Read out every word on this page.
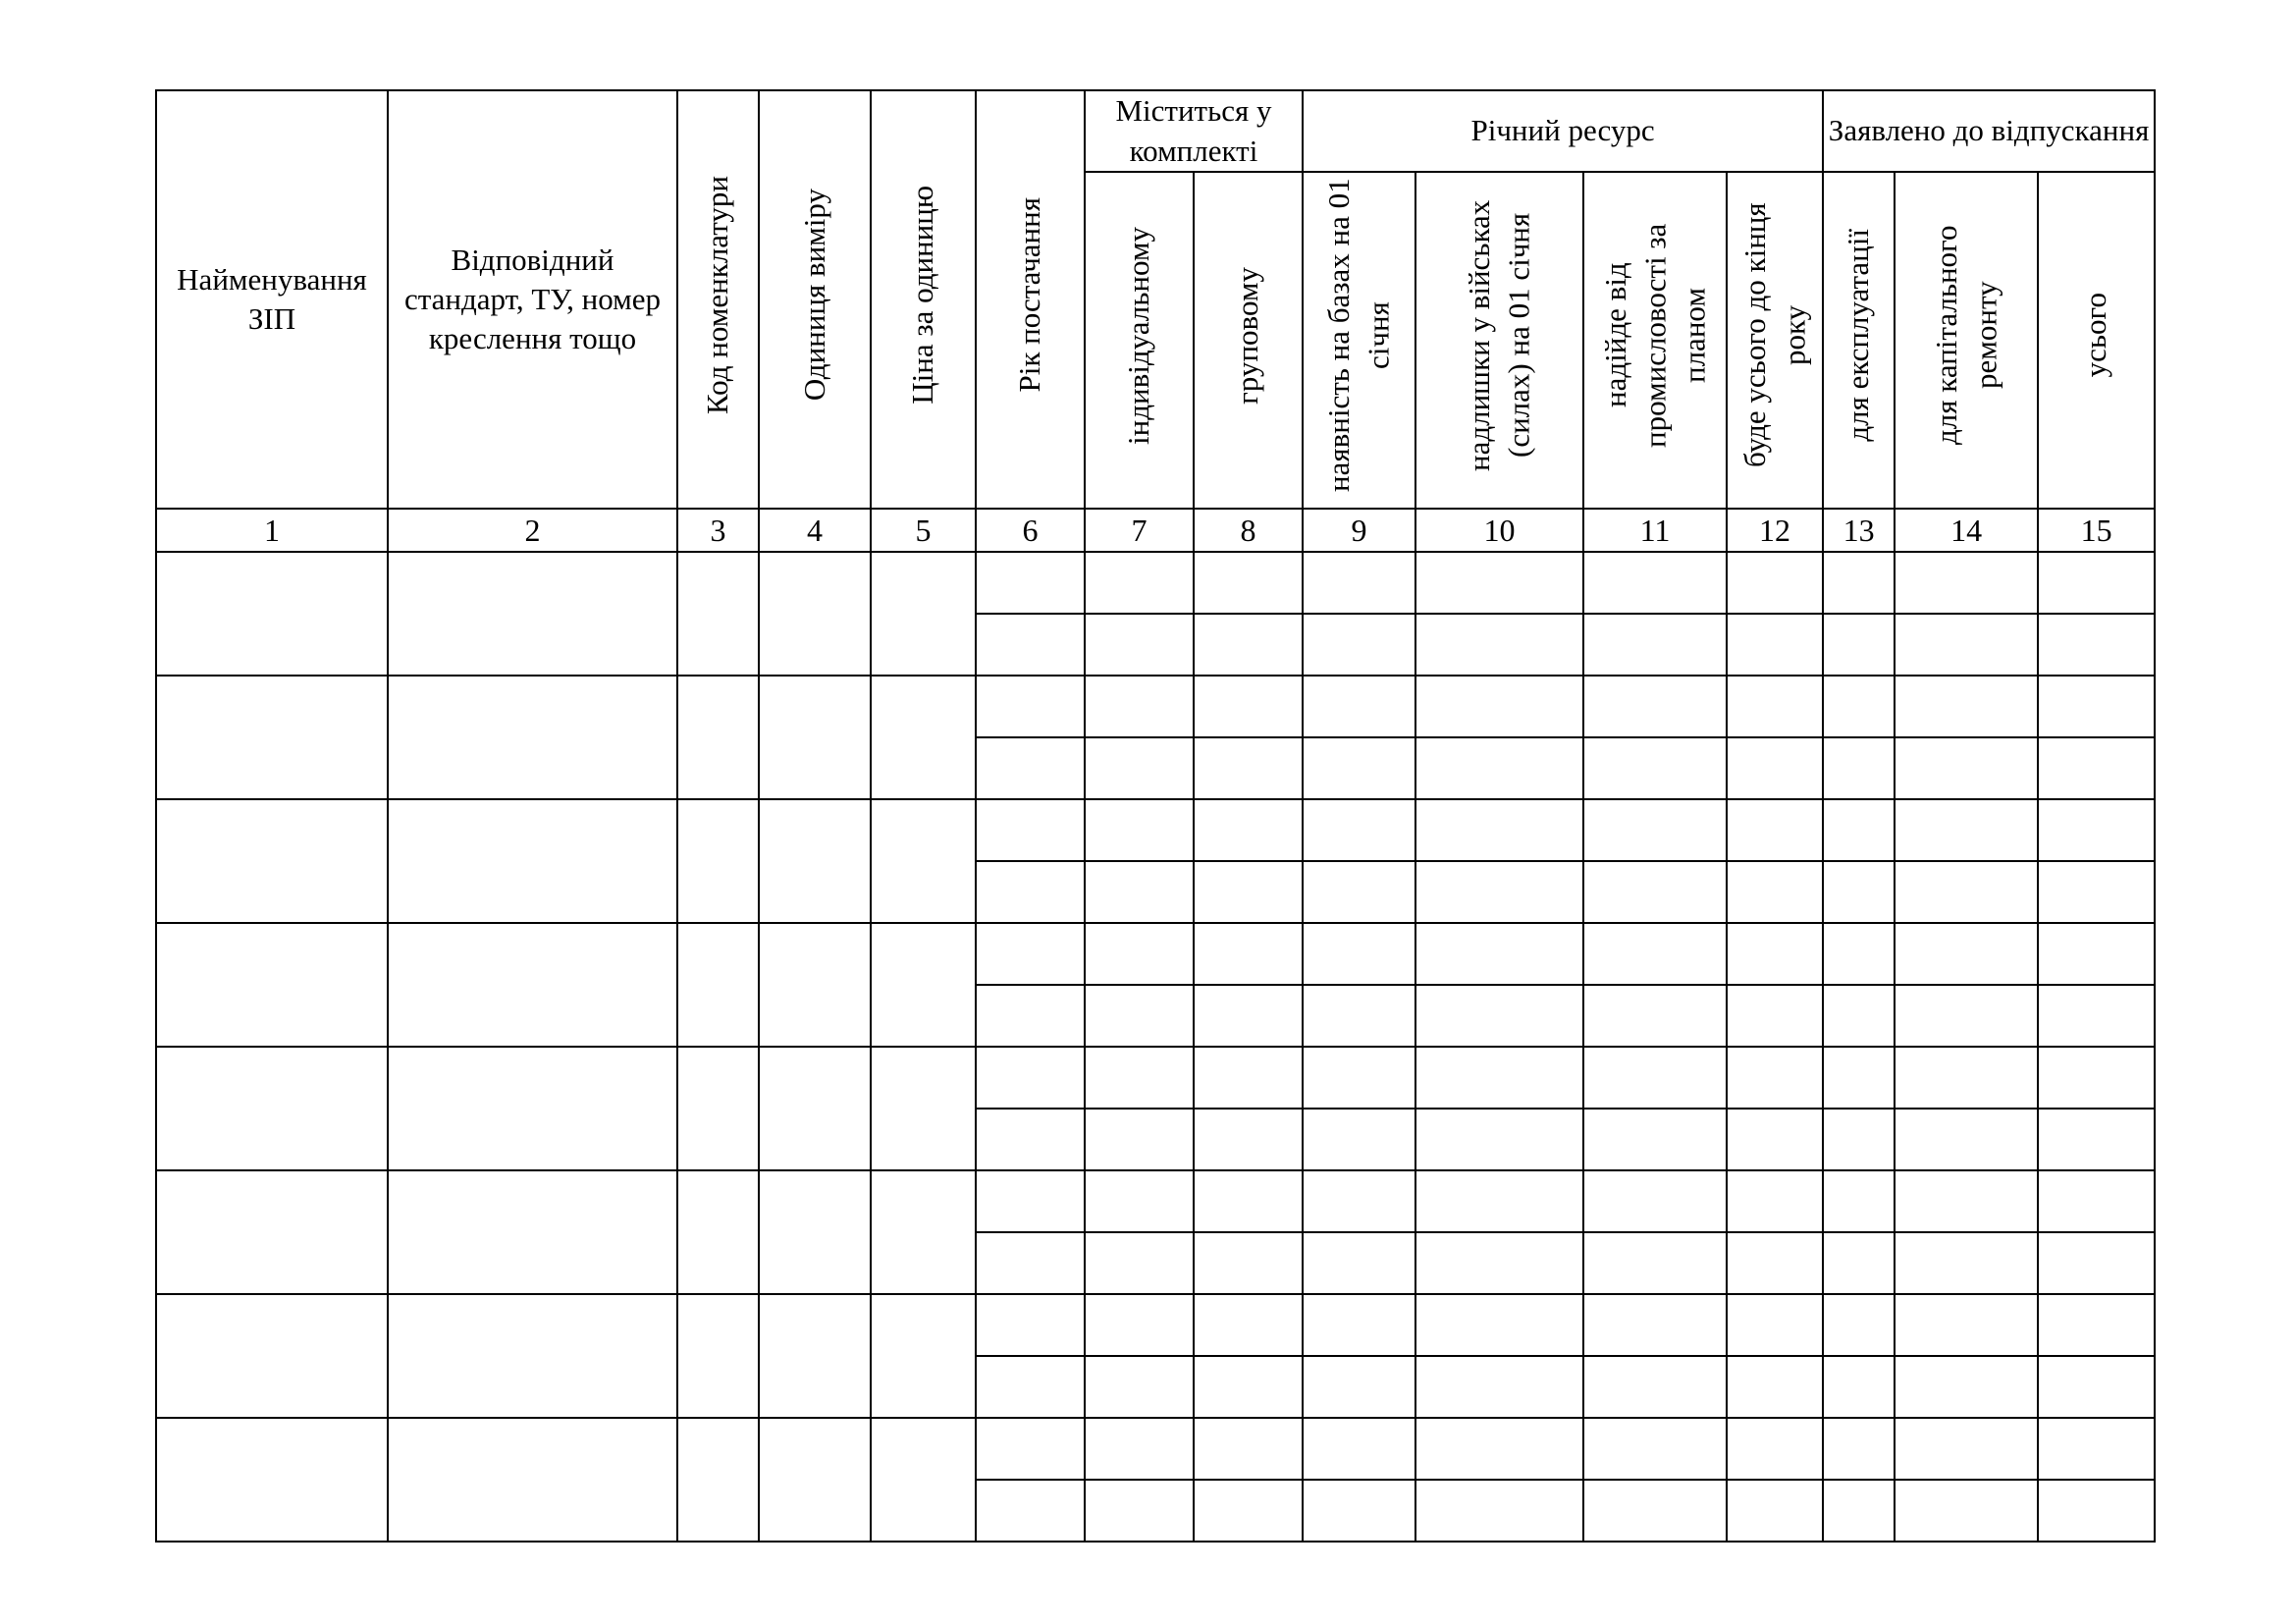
Найменування ЗІП	Відповідний стандарт, ТУ, номер креслення тощо	Код номенклатури	Одиниця виміру	Ціна за одиницю	Рік постачання	Міститься у комплекті		Річний ресурс				Заявлено до відпускання		
						індивідуальному	груповому	наявність на базах на 01 січня	надлишки у військах (силах) на 01 січня	надійде від промисловості за планом	буде усього до кінця року	для експлуатації	для капітального ремонту	усього
1	2	3	4	5	6	7	8	9	10	11	12	13	14	15
